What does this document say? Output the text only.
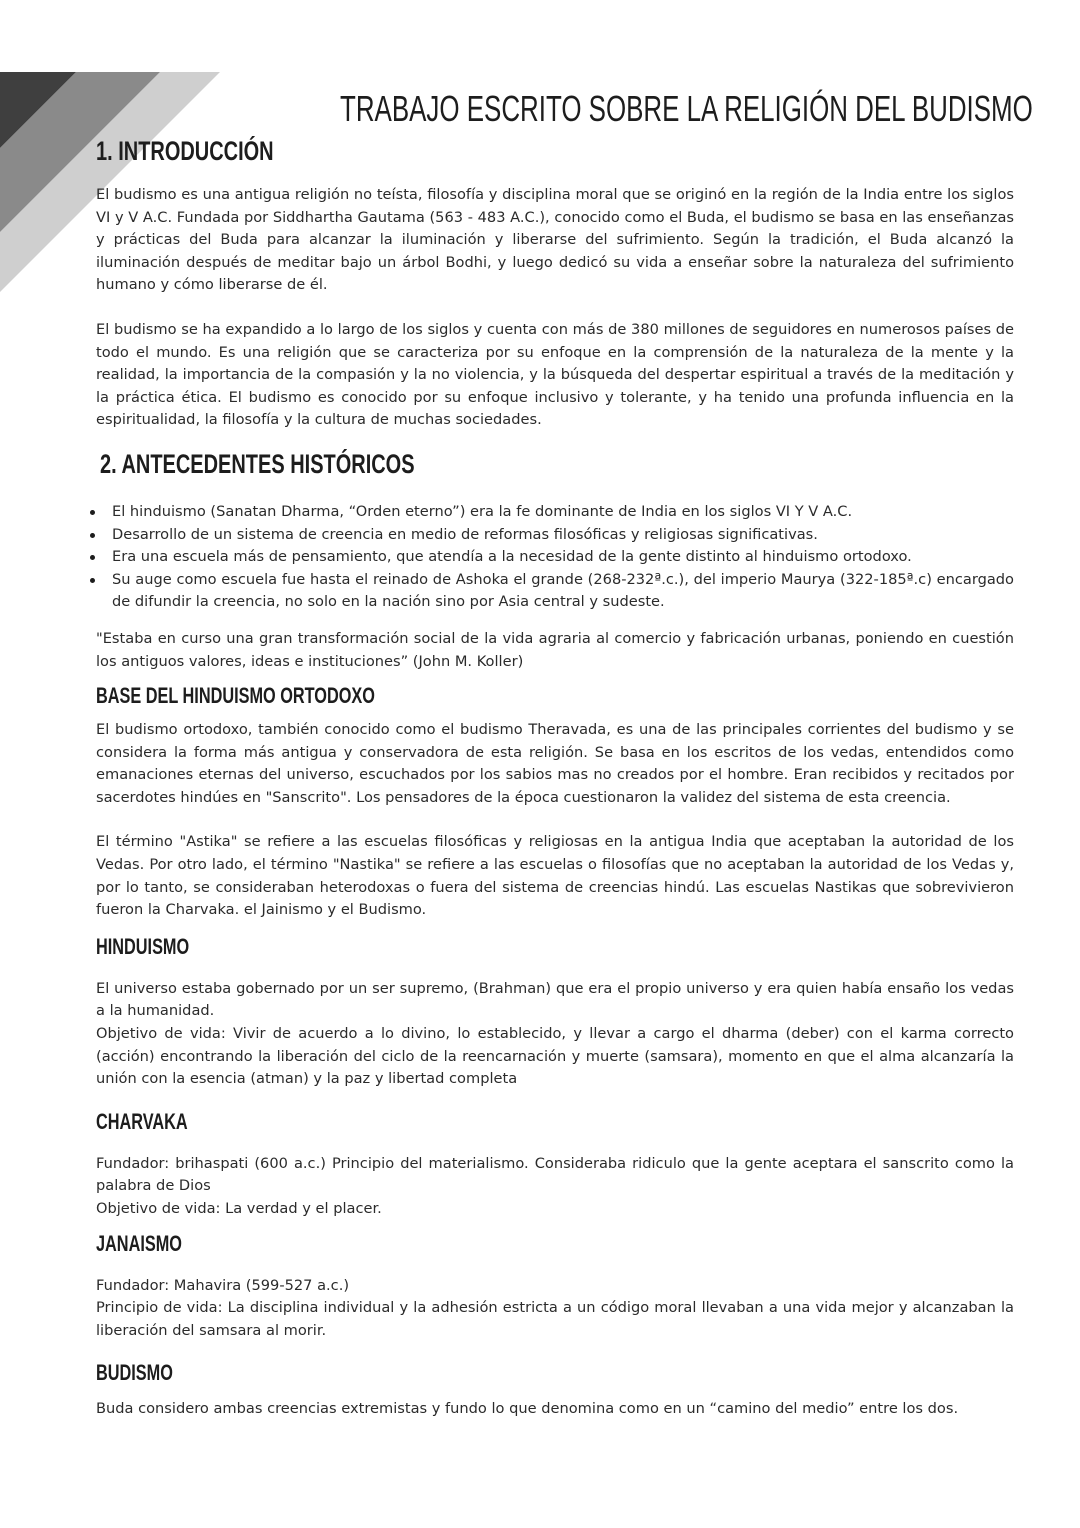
TRABAJO ESCRITO SOBRE LA RELIGIÓN DEL BUDISMO
1. INTRODUCCIÓN

El budismo es una antigua religión no teísta, filosofía y disciplina moral que se originó en la región de la India entre los siglos VI y V A.C. Fundada por Siddhartha Gautama (563 - 483 A.C.), conocido como el Buda, el budismo se basa en las enseñanzas y prácticas del Buda para alcanzar la iluminación y liberarse del sufrimiento. Según la tradición, el Buda alcanzó la iluminación después de meditar bajo un árbol Bodhi, y luego dedicó su vida a enseñar sobre la naturaleza del sufrimiento humano y cómo liberarse de él.

El budismo se ha expandido a lo largo de los siglos y cuenta con más de 380 millones de seguidores en numerosos países de todo el mundo. Es una religión que se caracteriza por su enfoque en la comprensión de la naturaleza de la mente y la realidad, la importancia de la compasión y la no violencia, y la búsqueda del despertar espiritual a través de la meditación y la práctica ética. El budismo es conocido por su enfoque inclusivo y tolerante, y ha tenido una profunda influencia en la espiritualidad, la filosofía y la cultura de muchas sociedades.

2. ANTECEDENTES HISTÓRICOS
El hinduismo (Sanatan Dharma, “Orden eterno”) era la fe dominante de India en los siglos VI Y V A.C.
Desarrollo de un sistema de creencia en medio de reformas filosóficas y religiosas significativas.
Era una escuela más de pensamiento, que atendía a la necesidad de la gente distinto al hinduismo ortodoxo.
Su auge como escuela fue hasta el reinado de Ashoka el grande (268-232ª.c.), del imperio Maurya (322-185ª.c) encargado de difundir la creencia, no solo en la nación sino por Asia central y sudeste.

"Estaba en curso una gran transformación social de la vida agraria al comercio y fabricación urbanas, poniendo en cuestión los antiguos valores, ideas e instituciones” (John M. Koller)

BASE DEL HINDUISMO ORTODOXO

El budismo ortodoxo, también conocido como el budismo Theravada, es una de las principales corrientes del budismo y se considera la forma más antigua y conservadora de esta religión. Se basa en los escritos de los vedas, entendidos como emanaciones eternas del universo, escuchados por los sabios mas no creados por el hombre. Eran recibidos y recitados por sacerdotes hindúes en "Sanscrito". Los pensadores de la época cuestionaron la validez del sistema de esta creencia.

El término "Astika" se refiere a las escuelas filosóficas y religiosas en la antigua India que aceptaban la autoridad de los Vedas. Por otro lado, el término "Nastika" se refiere a las escuelas o filosofías que no aceptaban la autoridad de los Vedas y, por lo tanto, se consideraban heterodoxas o fuera del sistema de creencias hindú. Las escuelas Nastikas que sobrevivieron fueron la Charvaka. el Jainismo y el Budismo.

HINDUISMO

El universo estaba gobernado por un ser supremo, (Brahman) que era el propio universo y era quien había ensaño los vedas a la humanidad.

Objetivo de vida: Vivir de acuerdo a lo divino, lo establecido, y llevar a cargo el dharma (deber) con el karma correcto (acción) encontrando la liberación del ciclo de la reencarnación y muerte (samsara), momento en que el alma alcanzaría la unión con la esencia (atman) y la paz y libertad completa

CHARVAKA

Fundador: brihaspati (600 a.c.) Principio del materialismo. Consideraba ridiculo que la gente aceptara el sanscrito como la palabra de Dios

Objetivo de vida: La verdad y el placer.

JANAISMO

Fundador: Mahavira (599-527 a.c.)

Principio de vida: La disciplina individual y la adhesión estricta a un código moral llevaban a una vida mejor y alcanzaban la liberación del samsara al morir.

BUDISMO

Buda considero ambas creencias extremistas y fundo lo que denomina como en un “camino del medio” entre los dos.
